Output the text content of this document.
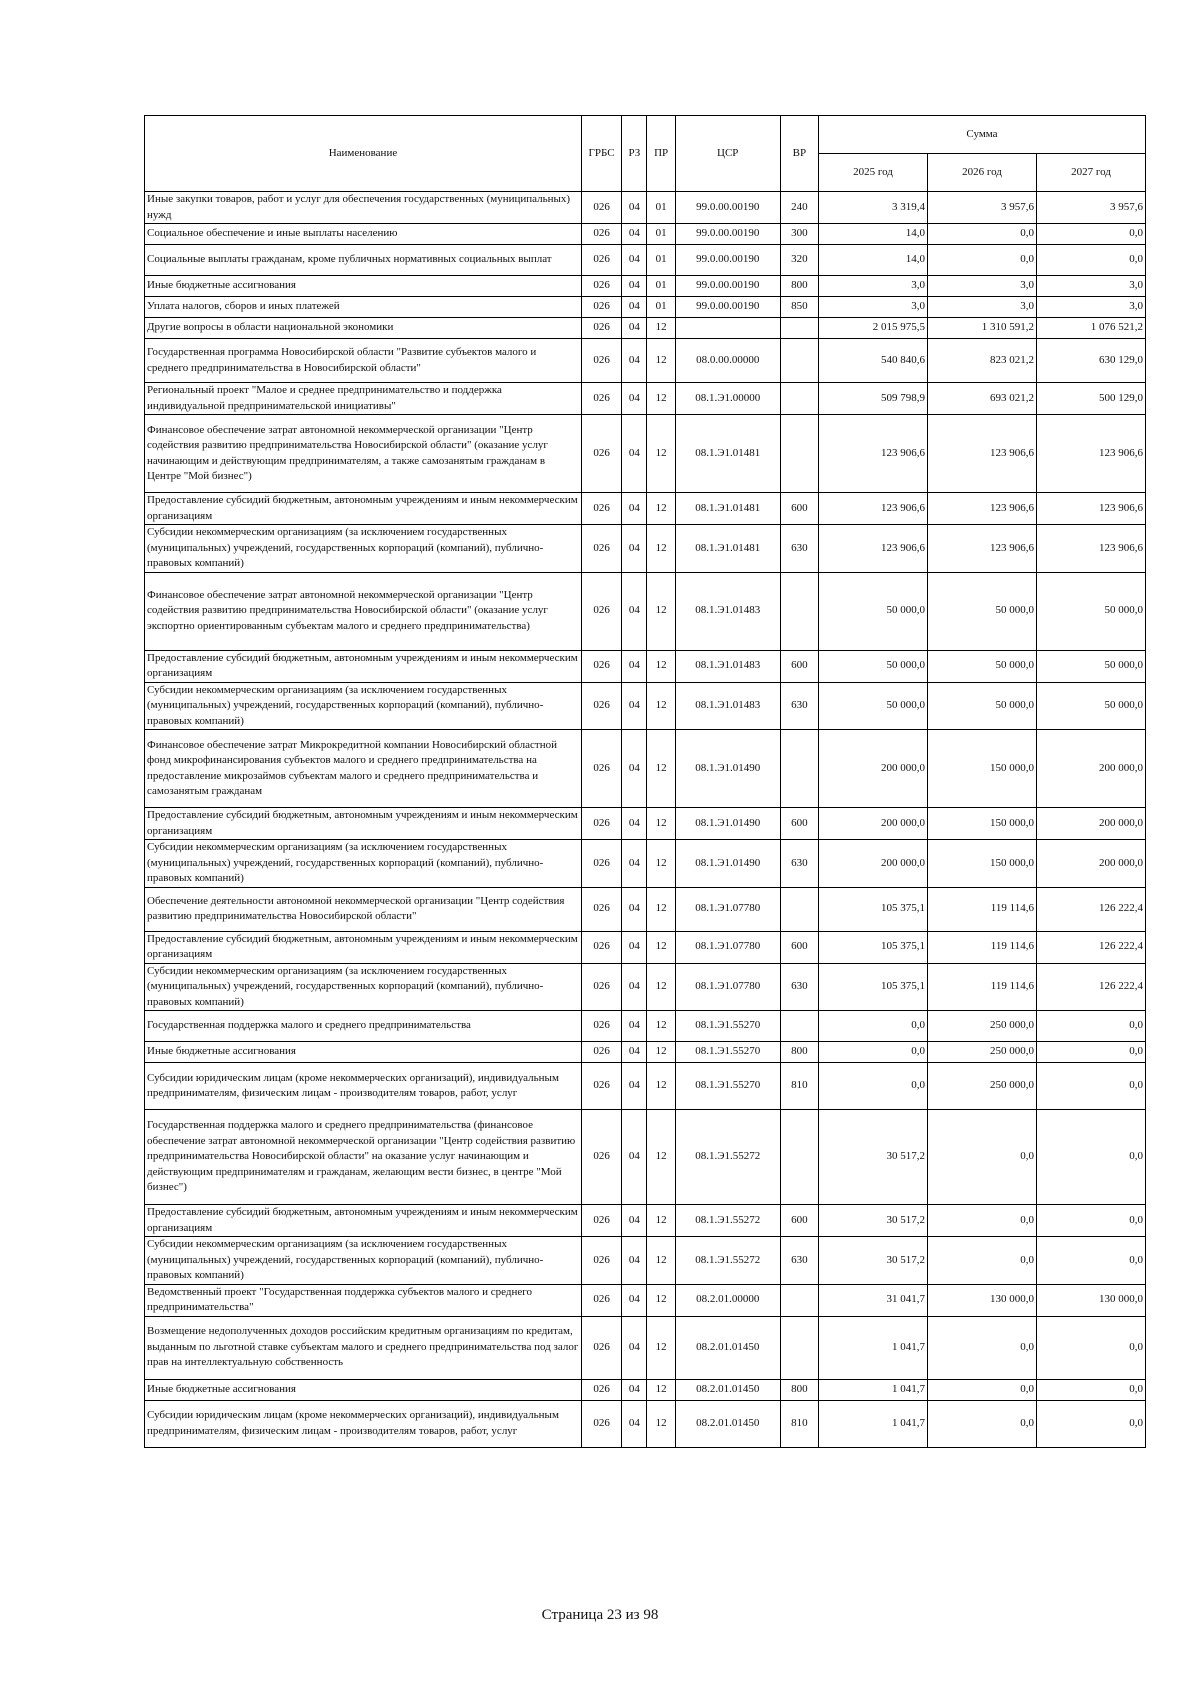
Наименование	ГРБС	РЗ	ПР	ЦСР	ВР	Сумма		
						2025 год	2026 год	2027 год
Иные закупки товаров, работ и услуг для обеспечения государственных (муниципальных) нужд	026	04	01	99.0.00.00190	240	3 319,4	3 957,6	3 957,6
Социальное обеспечение и иные выплаты населению	026	04	01	99.0.00.00190	300	14,0	0,0	0,0
Социальные выплаты гражданам, кроме публичных нормативных социальных выплат	026	04	01	99.0.00.00190	320	14,0	0,0	0,0
Иные бюджетные ассигнования	026	04	01	99.0.00.00190	800	3,0	3,0	3,0
Уплата налогов, сборов и иных платежей	026	04	01	99.0.00.00190	850	3,0	3,0	3,0
Другие вопросы в области национальной экономики	026	04	12			2 015 975,5	1 310 591,2	1 076 521,2
Государственная программа Новосибирской области "Развитие субъектов малого и среднего предпринимательства в Новосибирской области"	026	04	12	08.0.00.00000		540 840,6	823 021,2	630 129,0
Региональный проект "Малое и среднее предпринимательство и поддержка индивидуальной предпринимательской инициативы"	026	04	12	08.1.Э1.00000		509 798,9	693 021,2	500 129,0
Финансовое обеспечение затрат автономной некоммерческой организации "Центр содействия развитию предпринимательства Новосибирской области" (оказание услуг начинающим и действующим предпринимателям, а также самозанятым гражданам в Центре "Мой бизнес")	026	04	12	08.1.Э1.01481		123 906,6	123 906,6	123 906,6
Предоставление субсидий бюджетным, автономным учреждениям и иным некоммерческим организациям	026	04	12	08.1.Э1.01481	600	123 906,6	123 906,6	123 906,6
Субсидии некоммерческим организациям (за исключением государственных (муниципальных) учреждений, государственных корпораций (компаний), публично-правовых компаний)	026	04	12	08.1.Э1.01481	630	123 906,6	123 906,6	123 906,6
Финансовое обеспечение затрат автономной некоммерческой организации "Центр содействия развитию предпринимательства Новосибирской области" (оказание услуг экспортно ориентированным субъектам малого и среднего предпринимательства)	026	04	12	08.1.Э1.01483		50 000,0	50 000,0	50 000,0
Предоставление субсидий бюджетным, автономным учреждениям и иным некоммерческим организациям	026	04	12	08.1.Э1.01483	600	50 000,0	50 000,0	50 000,0
Субсидии некоммерческим организациям (за исключением государственных (муниципальных) учреждений, государственных корпораций (компаний), публично-правовых компаний)	026	04	12	08.1.Э1.01483	630	50 000,0	50 000,0	50 000,0
Финансовое обеспечение затрат Микрокредитной компании Новосибирский областной фонд микрофинансирования субъектов малого и среднего предпринимательства на предоставление микрозаймов субъектам малого и среднего предпринимательства и самозанятым гражданам	026	04	12	08.1.Э1.01490		200 000,0	150 000,0	200 000,0
Предоставление субсидий бюджетным, автономным учреждениям и иным некоммерческим организациям	026	04	12	08.1.Э1.01490	600	200 000,0	150 000,0	200 000,0
Субсидии некоммерческим организациям (за исключением государственных (муниципальных) учреждений, государственных корпораций (компаний), публично-правовых компаний)	026	04	12	08.1.Э1.01490	630	200 000,0	150 000,0	200 000,0
Обеспечение деятельности автономной некоммерческой организации "Центр содействия развитию предпринимательства Новосибирской области"	026	04	12	08.1.Э1.07780		105 375,1	119 114,6	126 222,4
Предоставление субсидий бюджетным, автономным учреждениям и иным некоммерческим организациям	026	04	12	08.1.Э1.07780	600	105 375,1	119 114,6	126 222,4
Субсидии некоммерческим организациям (за исключением государственных (муниципальных) учреждений, государственных корпораций (компаний), публично-правовых компаний)	026	04	12	08.1.Э1.07780	630	105 375,1	119 114,6	126 222,4
Государственная поддержка малого и среднего предпринимательства	026	04	12	08.1.Э1.55270		0,0	250 000,0	0,0
Иные бюджетные ассигнования	026	04	12	08.1.Э1.55270	800	0,0	250 000,0	0,0
Субсидии юридическим лицам (кроме некоммерческих организаций), индивидуальным предпринимателям, физическим лицам - производителям товаров, работ, услуг	026	04	12	08.1.Э1.55270	810	0,0	250 000,0	0,0
Государственная поддержка малого и среднего предпринимательства (финансовое обеспечение затрат автономной некоммерческой организации "Центр содействия развитию предпринимательства Новосибирской области" на оказание услуг начинающим и действующим предпринимателям и гражданам, желающим вести бизнес, в центре "Мой бизнес")	026	04	12	08.1.Э1.55272		30 517,2	0,0	0,0
Предоставление субсидий бюджетным, автономным учреждениям и иным некоммерческим организациям	026	04	12	08.1.Э1.55272	600	30 517,2	0,0	0,0
Субсидии некоммерческим организациям (за исключением государственных (муниципальных) учреждений, государственных корпораций (компаний), публично-правовых компаний)	026	04	12	08.1.Э1.55272	630	30 517,2	0,0	0,0
Ведомственный проект "Государственная поддержка субъектов малого и среднего предпринимательства"	026	04	12	08.2.01.00000		31 041,7	130 000,0	130 000,0
Возмещение недополученных доходов российским кредитным организациям по кредитам, выданным по льготной ставке субъектам малого и среднего предпринимательства под залог прав на интеллектуальную собственность	026	04	12	08.2.01.01450		1 041,7	0,0	0,0
Иные бюджетные ассигнования	026	04	12	08.2.01.01450	800	1 041,7	0,0	0,0
Субсидии юридическим лицам (кроме некоммерческих организаций), индивидуальным предпринимателям, физическим лицам - производителям товаров, работ, услуг	026	04	12	08.2.01.01450	810	1 041,7	0,0	0,0
Страница 23 из 98
